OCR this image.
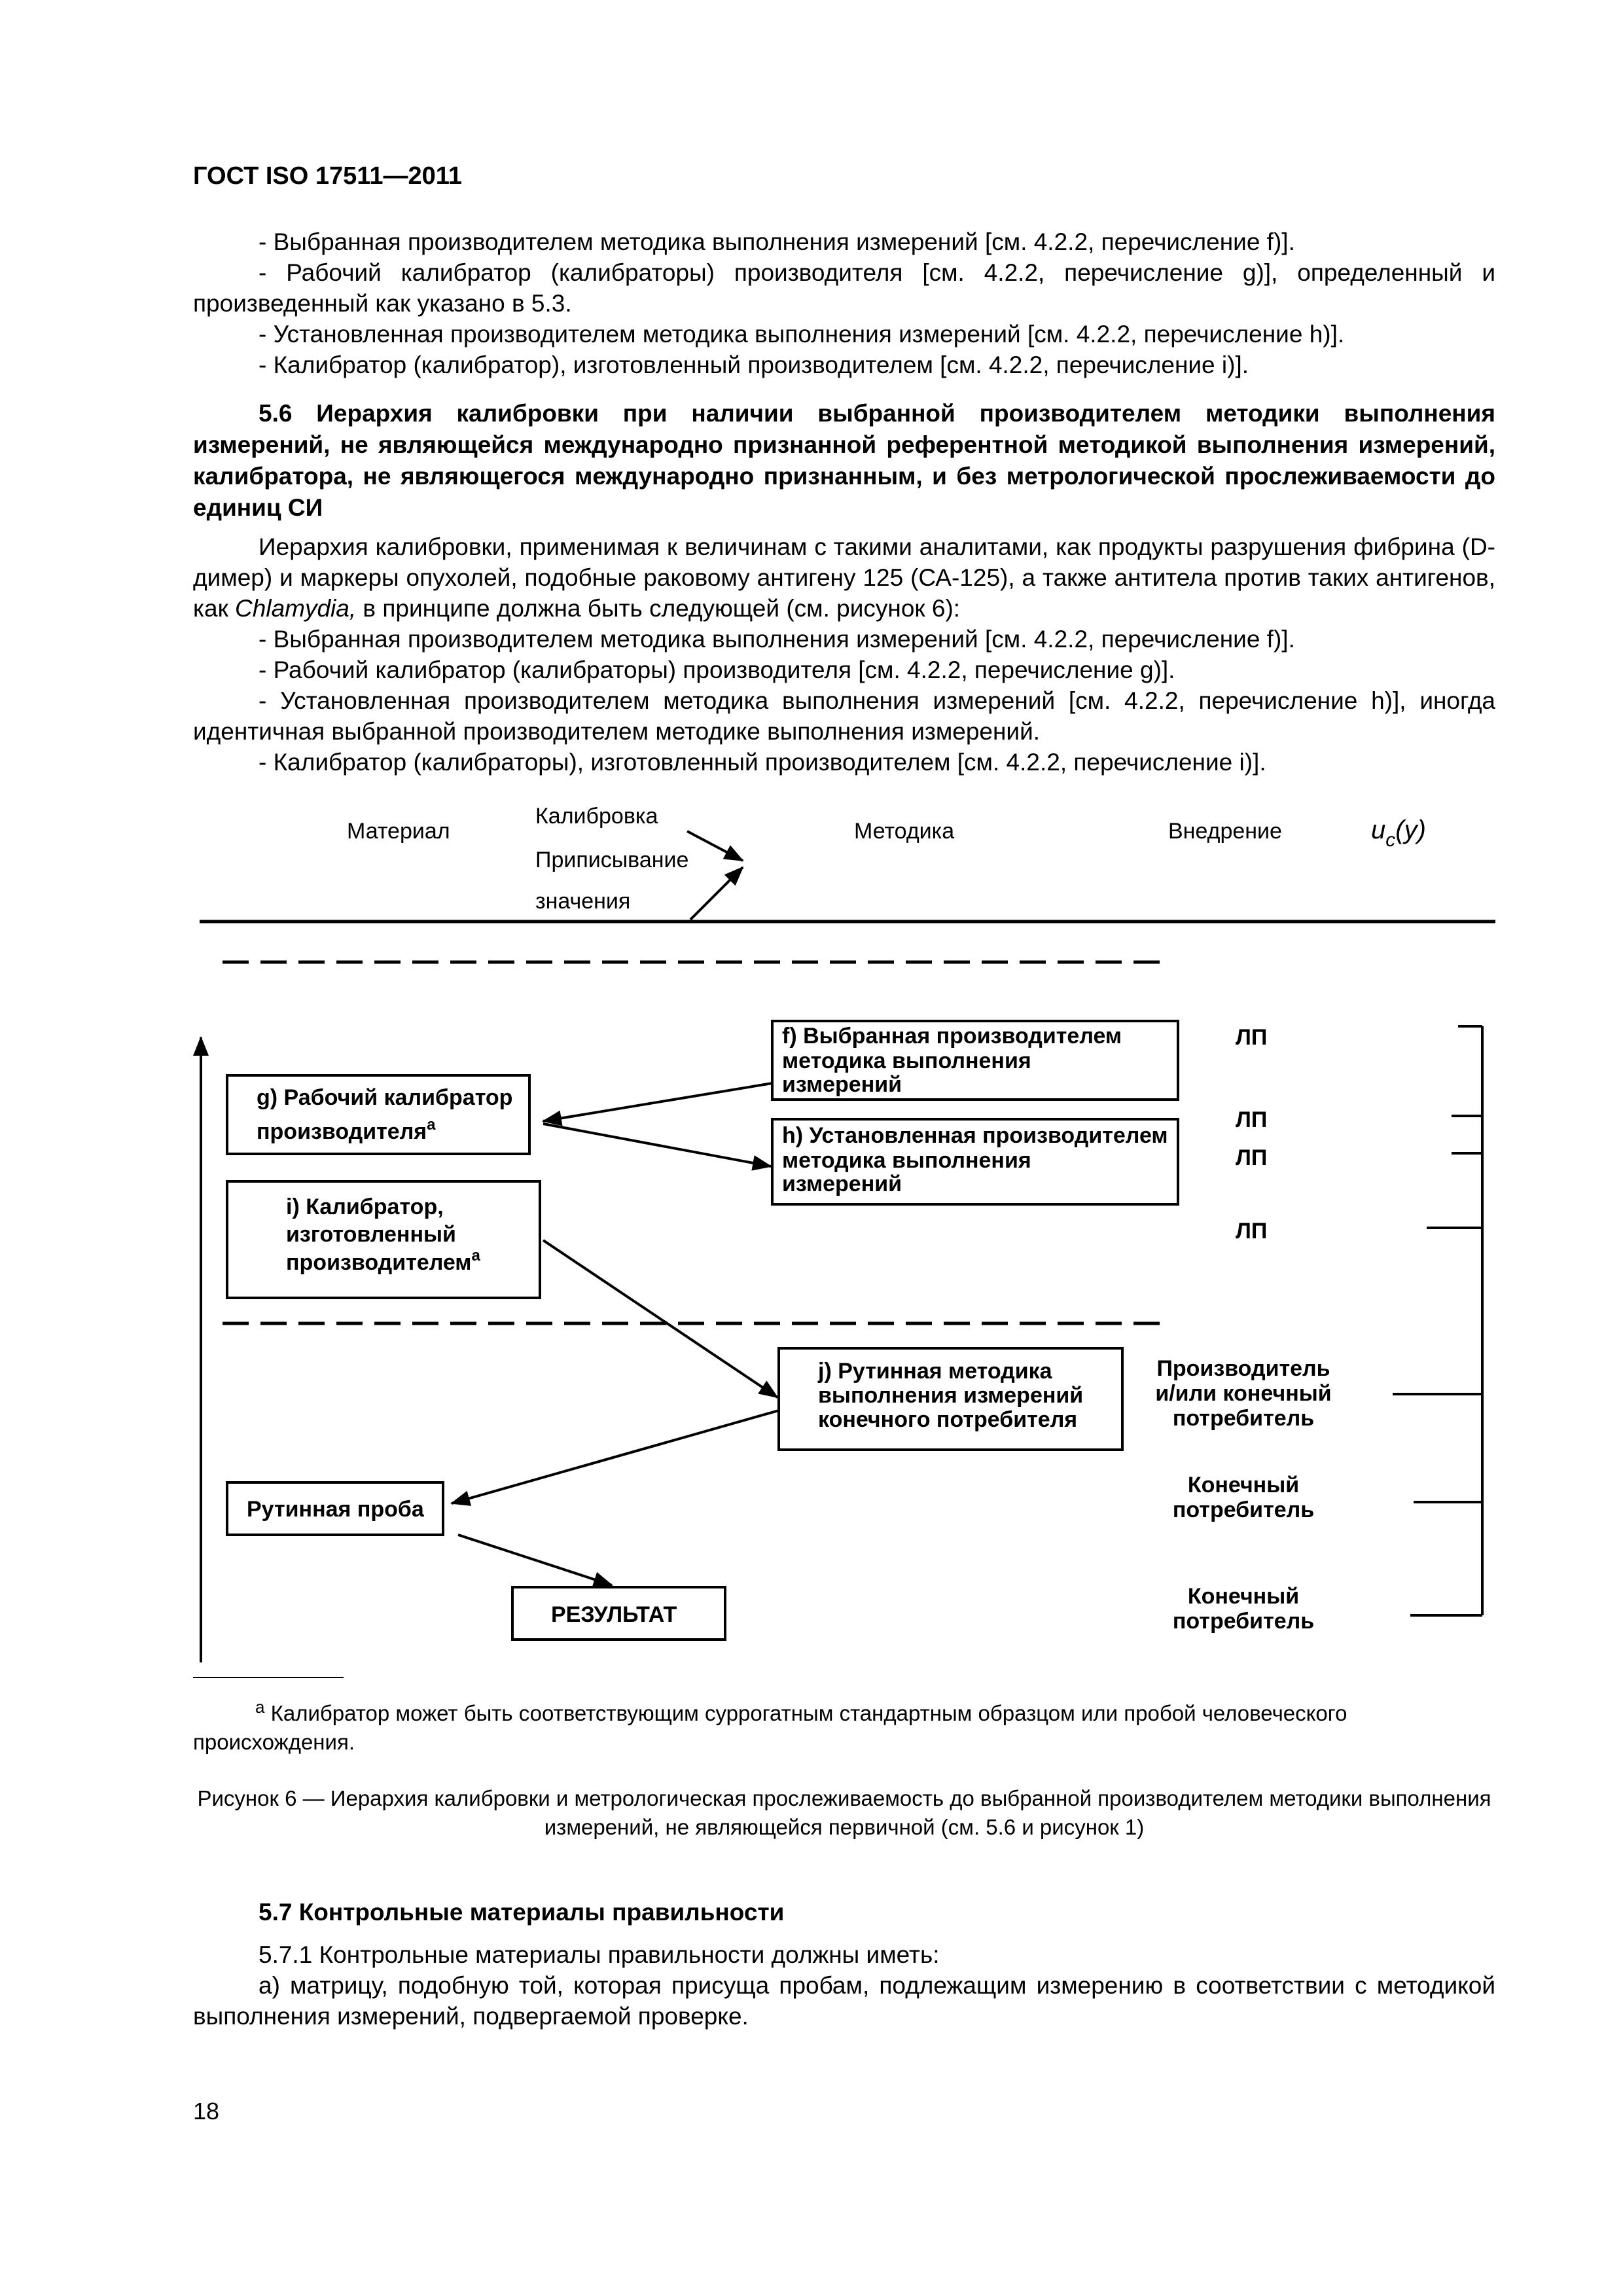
ГОСТ ISO 17511—2011

- Выбранная производителем методика выполнения измерений [см. 4.2.2, перечисление f)].

- Рабочий калибратор (калибраторы) производителя [см. 4.2.2, перечисление g)], определенный и произведенный как указано в 5.3.

- Установленная производителем методика выполнения измерений [см. 4.2.2, перечисление h)].

- Калибратор (калибратор), изготовленный производителем [см. 4.2.2, перечисление i)].

5.6 Иерархия калибровки при наличии выбранной производителем методики выполнения измерений, не являющейся международно признанной референтной методикой выполнения измерений, калибратора, не являющегося международно признанным, и без метрологической прослеживаемости до единиц СИ

Иерархия калибровки, применимая к величинам с такими аналитами, как продукты разрушения фибрина (D-димер) и маркеры опухолей, подобные раковому антигену 125 (СА-125), а также антитела против таких антигенов, как Chlamydia, в принципе должна быть следующей (см. рисунок 6):

- Выбранная производителем методика выполнения измерений [см. 4.2.2, перечисление f)].

- Рабочий калибратор (калибраторы) производителя [см. 4.2.2, перечисление g)].

- Установленная производителем методика выполнения измерений [см. 4.2.2, перечисление h)], иногда идентичная выбранной производителем методике выполнения измерений.

- Калибратор (калибраторы), изготовленный производителем [см. 4.2.2, перечисление i)].

Материал
Калибровка
Приписывание
значения
Методика	Внедрение	$u_c(y)$
f) Выбранная производителем
методика выполнения
измерений
g) Рабочий калибратор
производителя$^a$	h) Установленная производителем
методика выполнения
измерений
i) Калибратор,
изготовленный
производителем$^a$
j) Рутинная методика
выполнения измерений
конечного потребителя
Рутинная проба
РЕЗУЛЬТАТ
ЛП
ЛП
ЛП
ЛП
Производитель
и/или конечный
потребитель
Конечный
потребитель
Конечный
потребитель
$^a$ Калибратор может быть соответствующим суррогатным стандартным образцом или пробой человеческого происхождения.
Рисунок 6 — Иерархия калибровки и метрологическая прослеживаемость до выбранной производителем методики выполнения измерений, не являющейся первичной (см. 5.6 и рисунок 1)

5.7 Контрольные материалы правильности

5.7.1 Контрольные материалы правильности должны иметь:

а) матрицу, подобную той, которая присуща пробам, подлежащим измерению в соответствии с методикой выполнения измерений, подвергаемой проверке.

18
